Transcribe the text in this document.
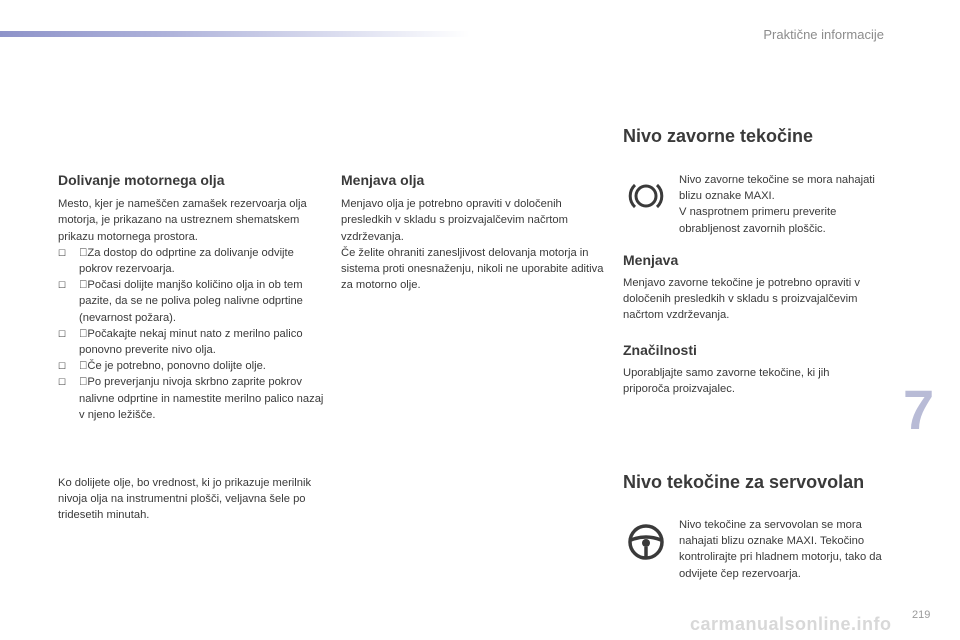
Praktične informacije
Dolivanje motornega olja

Mesto, kjer je nameščen zamašek rezervoarja olja motorja, je prikazano na ustreznem shematskem prikazu motornega prostora.

☐ Za dostop do odprtine za dolivanje odvijte pokrov rezervoarja.
☐ Počasi dolijte manjšo količino olja in ob tem pazite, da se ne poliva poleg nalivne odprtine (nevarnost požara).
☐ Počakajte nekaj minut nato z merilno palico ponovno preverite nivo olja.
☐ Če je potrebno, ponovno dolijte olje.
☐ Po preverjanju nivoja skrbno zaprite pokrov nalivne odprtine in namestite merilno palico nazaj v njeno ležišče.

Ko dolijete olje, bo vrednost, ki jo prikazuje merilnik nivoja olja na instrumentni plošči, veljavna šele po tridesetih minutah.

Menjava olja

Menjavo olja je potrebno opraviti v določenih presledkih v skladu s proizvajalčevim načrtom vzdrževanja.

Če želite ohraniti zanesljivost delovanja motorja in sistema proti onesnaženju, nikoli ne uporabite aditiva za motorno olje.

Nivo zavorne tekočine

Nivo zavorne tekočine se mora nahajati blizu oznake MAXI.

V nasprotnem primeru preverite obrabljenost zavornih ploščic.

Menjava

Menjavo zavorne tekočine je potrebno opraviti v določenih presledkih v skladu s proizvajalčevim načrtom vzdrževanja.

Značilnosti

Uporabljajte samo zavorne tekočine, ki jih priporoča proizvajalec.

Nivo tekočine za servovolan

Nivo tekočine za servovolan se mora nahajati blizu oznake MAXI. Tekočino kontrolirajte pri hladnem motorju, tako da odvijete čep rezervoarja.

7
219
carmanualsonline.info
